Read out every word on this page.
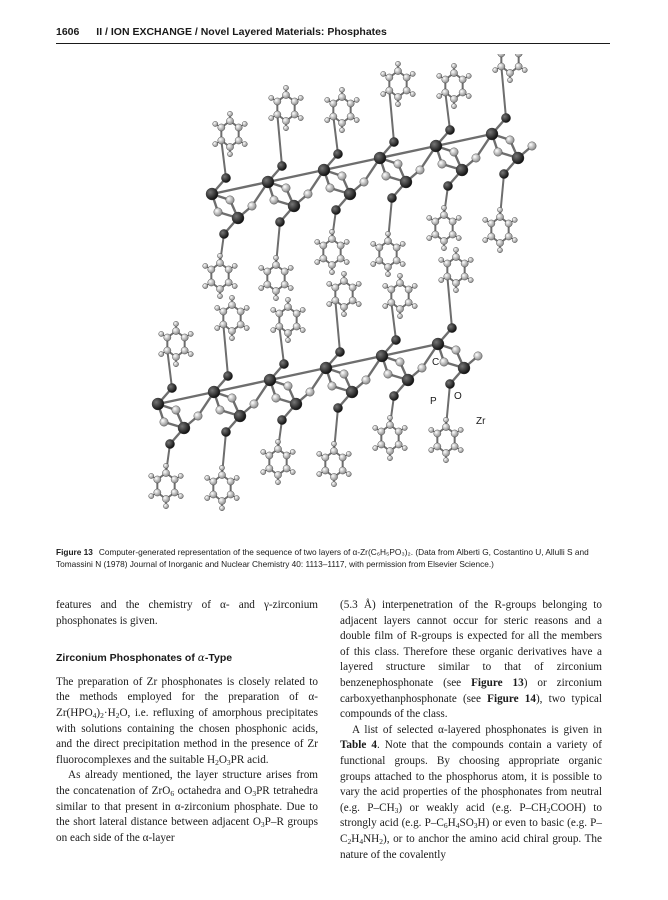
1606 II / ION EXCHANGE / Novel Layered Materials: Phosphates
C
P O
Zr
Figure 13 Computer-generated representation of the sequence of two layers of α-Zr(C₆H₅PO₃)₂. (Data from Alberti G, Costantino U, Allulli S and Tomassini N (1978) Journal of Inorganic and Nuclear Chemistry 40: 1113–1117, with permission from Elsevier Science.)

features and the chemistry of α- and γ-zirconium phosphonates is given.

Zirconium Phosphonates of α-Type

The preparation of Zr phosphonates is closely related to the methods employed for the preparation of $\alpha-Zr(HPO_4)_2\cdot H_2O$, i.e. refluxing of amorphous precipitates with solutions containing the chosen phosphonic acids, and the direct precipitation method in the presence of Zr fluorocomplexes and the suitable $H_2O_3PR$ acid.

As already mentioned, the layer structure arises from the concatenation of ZrO$_6$ octahedra and $O_3PR$ tetrahedra similar to that present in α-zirconium phosphate. Due to the short lateral distance between adjacent $O_3P-R$ groups on each side of the α-layer

(5.3 Å) interpenetration of the R-groups belonging to adjacent layers cannot occur for steric reasons and a double film of R-groups is expected for all the members of this class. Therefore these organic derivatives have a layered structure similar to that of zirconium benzenephosphonate (see Figure 13) or zirconium carboxyethanphosphonate (see Figure 14), two typical compounds of the class.

A list of selected α-layered phosphonates is given in Table 4. Note that the compounds contain a variety of functional groups. By choosing appropriate organic groups attached to the phosphorus atom, it is possible to vary the acid properties of the phosphonates from neutral (e.g. $P-CH_3$) or weakly acid (e.g. $P-CH_2COOH$) to strongly acid (e.g. $P-C_6H_4SO_3H$) or even to basic (e.g. $P-C_2H_4NH_2$), or to anchor the amino acid chiral group. The nature of the covalently
